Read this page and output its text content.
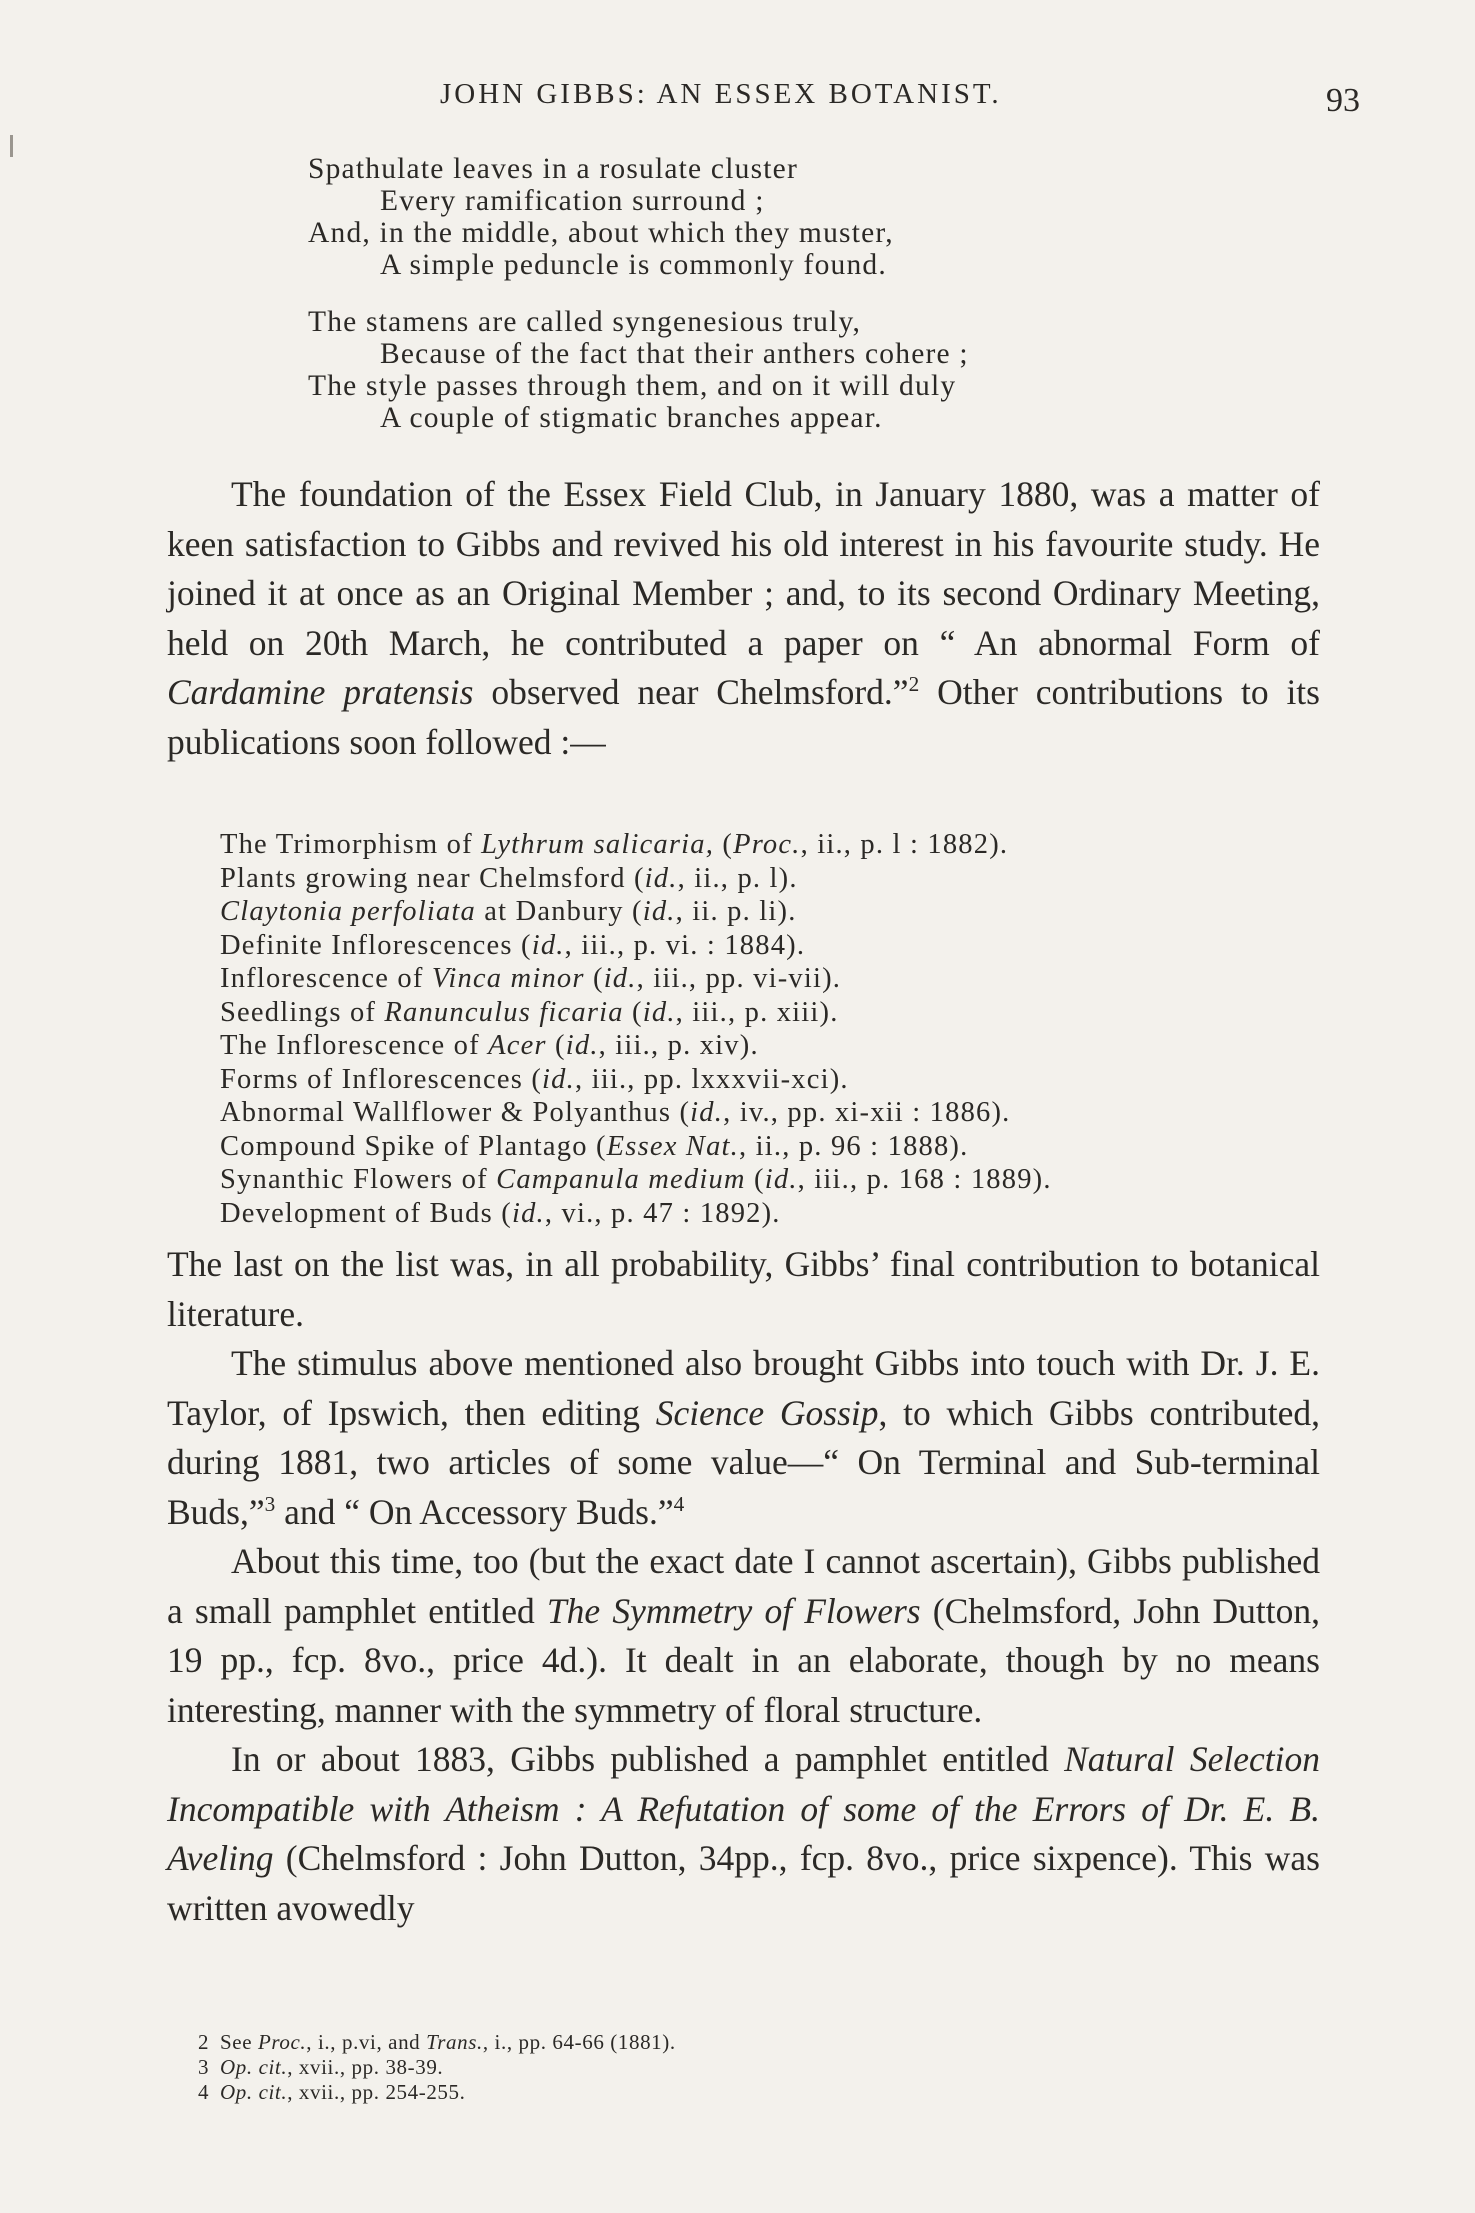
JOHN GIBBS: AN ESSEX BOTANIST.	93
Spathulate leaves in a rosulate cluster
Every ramification surround ;
And, in the middle, about which they muster,
A simple peduncle is commonly found.
The stamens are called syngenesious truly,
Because of the fact that their anthers cohere ;
The style passes through them, and on it will duly
A couple of stigmatic branches appear.

The foundation of the Essex Field Club, in January 1880, was a matter of keen satisfaction to Gibbs and revived his old interest in his favourite study. He joined it at once as an Original Member ; and, to its second Ordinary Meeting, held on 20th March, he contributed a paper on “ An abnormal Form of Cardamine pratensis observed near Chelmsford.”$^2$ Other contributions to its publications soon followed :—

The Trimorphism of Lythrum salicaria, (Proc., ii., p. l : 1882).
Plants growing near Chelmsford (id., ii., p. l).
Claytonia perfoliata at Danbury (id., ii. p. li).
Definite Inflorescences (id., iii., p. vi. : 1884).
Inflorescence of Vinca minor (id., iii., pp. vi-vii).
Seedlings of Ranunculus ficaria (id., iii., p. xiii).
The Inflorescence of Acer (id., iii., p. xiv).
Forms of Inflorescences (id., iii., pp. lxxxvii-xci).
Abnormal Wallflower & Polyanthus (id., iv., pp. xi-xii : 1886).
Compound Spike of Plantago (Essex Nat., ii., p. 96 : 1888).
Synanthic Flowers of Campanula medium (id., iii., p. 168 : 1889).
Development of Buds (id., vi., p. 47 : 1892).

The last on the list was, in all probability, Gibbs’ final contribution to botanical literature.

The stimulus above mentioned also brought Gibbs into touch with Dr. J. E. Taylor, of Ipswich, then editing Science Gossip, to which Gibbs contributed, during 1881, two articles of some value—“ On Terminal and Sub-terminal Buds,”$^3$ and “ On Accessory Buds.”$^4$

About this time, too (but the exact date I cannot ascertain), Gibbs published a small pamphlet entitled The Symmetry of Flowers (Chelmsford, John Dutton, 19 pp., fcp. 8vo., price 4d.). It dealt in an elaborate, though by no means interesting, manner with the symmetry of floral structure.

In or about 1883, Gibbs published a pamphlet entitled Natural Selection Incompatible with Atheism : A Refutation of some of the Errors of Dr. E. B. Aveling (Chelmsford : John Dutton, 34pp., fcp. 8vo., price sixpence). This was written avowedly

2 See Proc., i., p.vi, and Trans., i., pp. 64-66 (1881).
3 Op. cit., xvii., pp. 38-39.
4 Op. cit., xvii., pp. 254-255.
